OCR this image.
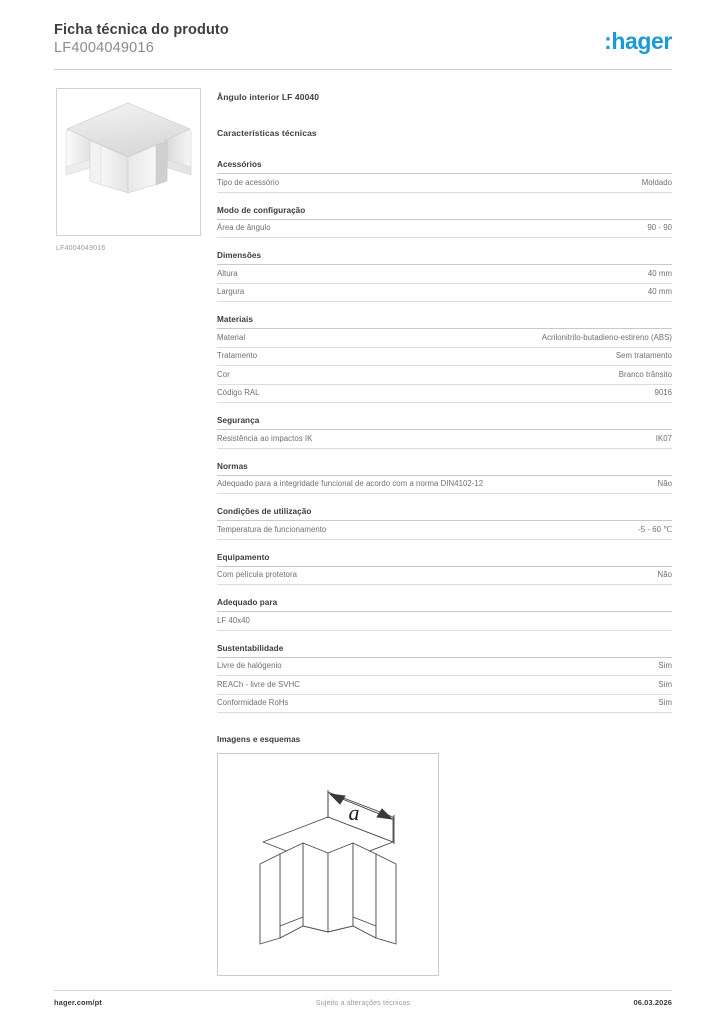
Ficha técnica do produto
LF4004049016	:hager
LF4004049016
Ângulo interior LF 40040
Características técnicas
Acessórios
Tipo de acessório	Moldado
Modo de configuração
Área de ângulo	90 - 90
Dimensões
Altura	40 mm
Largura	40 mm
Materiais
Material	Acrilonitrilo-butadieno-estireno (ABS)
Tratamento	Sem tratamento
Cor	Branco trânsito
Código RAL	9016
Segurança
Resistência ao impactos IK	IK07
Normas
Adequado para a integridade funcional de acordo com a norma DIN4102-12	Não
Condições de utilização
Temperatura de funcionamento	-5 - 60 ℃
Equipamento
Com película protetora	Não
Adequado para
LF 40x40
Sustentabilidade
Livre de halógenio	Sim
REACh - livre de SVHC	Sim
Conformidade RoHs	Sim
Imagens e esquemas
a
hager.com/pt	Sujeito a alterações técnicas	06.03.2026
